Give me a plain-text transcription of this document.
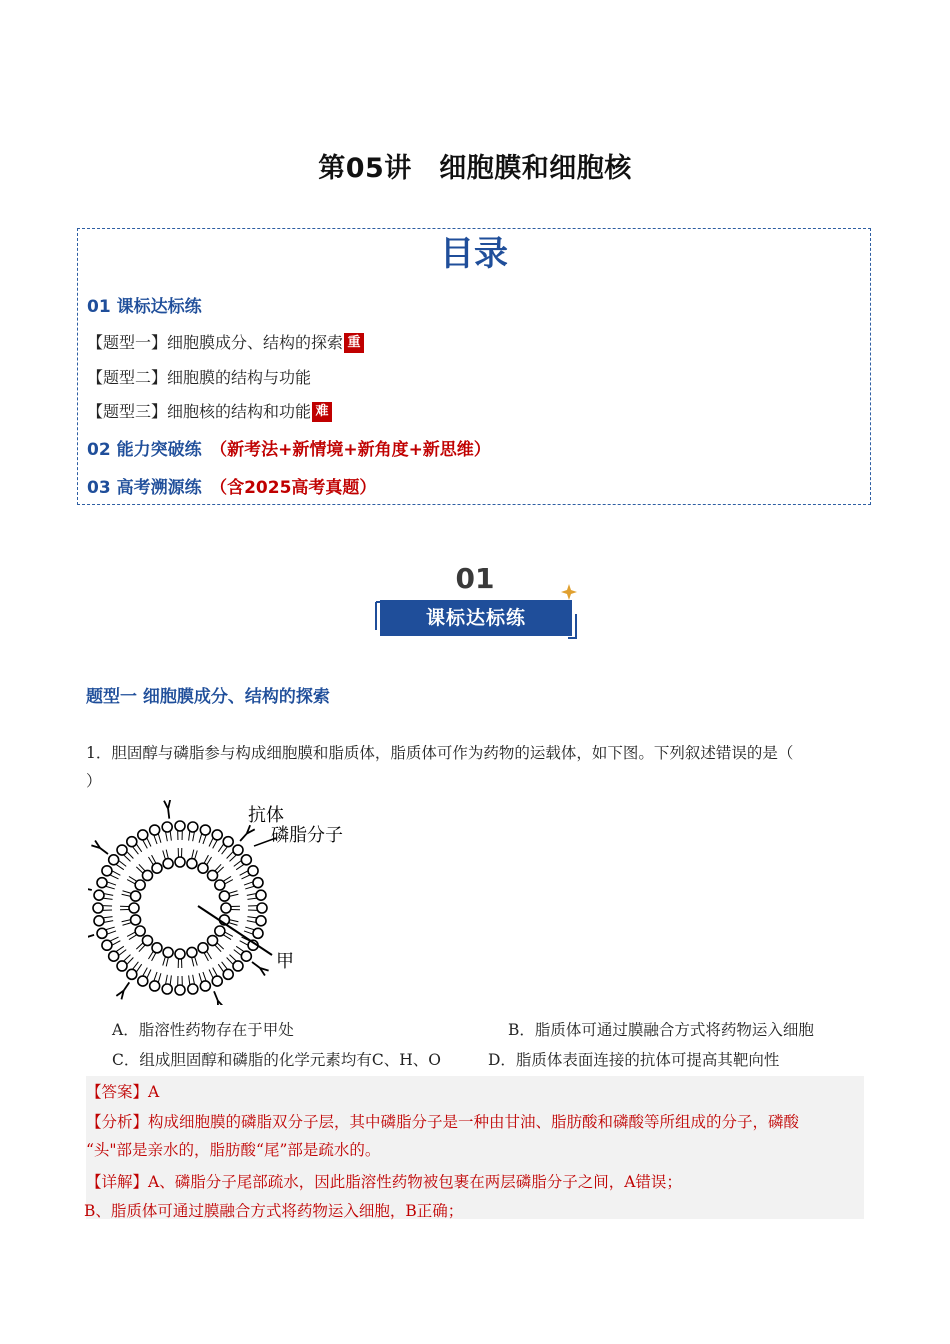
第05讲　细胞膜和细胞核
目录
01 课标达标练
【题型一】细胞膜成分、结构的探索 重
【题型二】细胞膜的结构与功能
【题型三】细胞核的结构和功能 难
02 能力突破练　 （新考法+新情境+新角度+新思维）
03 高考溯源练　 （含2025高考真题）
01
课标达标练
题型一 细胞膜成分、结构的探索
1．胆固醇与磷脂参与构成细胞膜和脂质体，脂质体可作为药物的运载体，如下图。下列叙述错误的是（
）
甲
抗体
磷脂分子
A．脂溶性药物存在于甲处	B．脂质体可通过膜融合方式将药物运入细胞
C．组成胆固醇和磷脂的化学元素均有C、H、O	D．脂质体表面连接的抗体可提高其靶向性
【答案】A
【分析】构成细胞膜的磷脂双分子层，其中磷脂分子是一种由甘油、脂肪酸和磷酸等所组成的分子，磷酸
“头"部是亲水的，脂肪酸“尾”部是疏水的。
【详解】A、磷脂分子尾部疏水，因此脂溶性药物被包裹在两层磷脂分子之间，A错误；
B、脂质体可通过膜融合方式将药物运入细胞，B正确；
